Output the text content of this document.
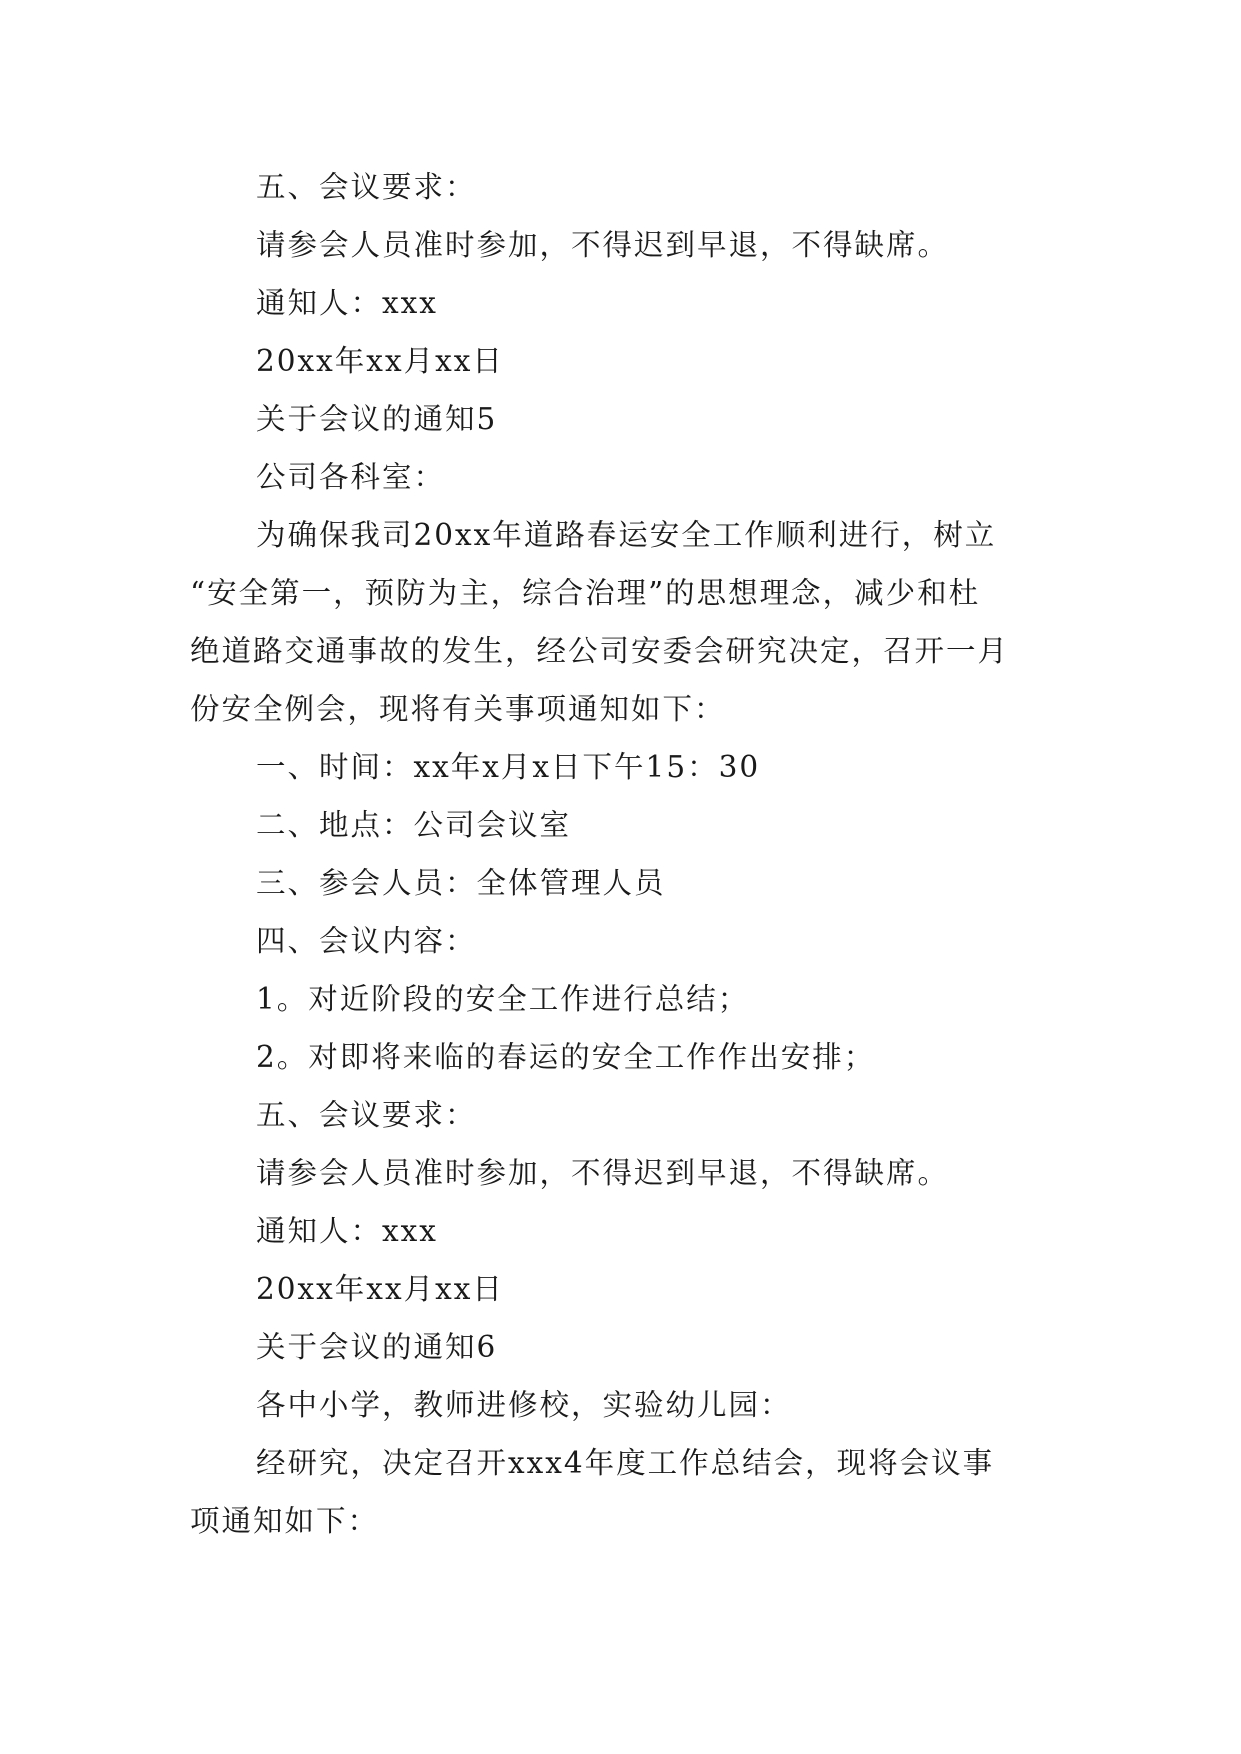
五、会议要求：
请参会人员准时参加，不得迟到早退，不得缺席。
通知人：xxx
20xx年xx月xx日
关于会议的通知5
公司各科室：
为确保我司20xx年道路春运安全工作顺利进行，树立
“安全第一，预防为主，综合治理”的思想理念，减少和杜
绝道路交通事故的发生，经公司安委会研究决定，召开一月
份安全例会，现将有关事项通知如下：
一、时间：xx年x月x日下午15：30
二、地点：公司会议室
三、参会人员：全体管理人员
四、会议内容：
1。对近阶段的安全工作进行总结；
2。对即将来临的春运的安全工作作出安排；
五、会议要求：
请参会人员准时参加，不得迟到早退，不得缺席。
通知人：xxx
20xx年xx月xx日
关于会议的通知6
各中小学，教师进修校，实验幼儿园：
经研究，决定召开xxx4年度工作总结会，现将会议事
项通知如下：
